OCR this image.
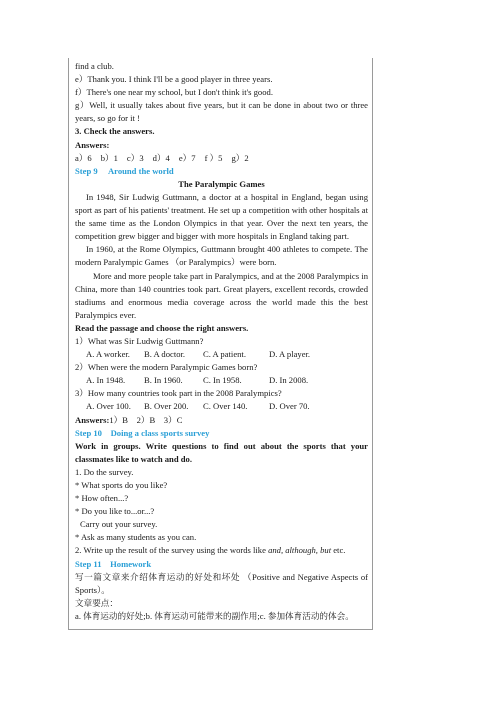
find a club.

e）Thank you. I think I'll be a good player in three years.

f）There's one near my school, but I don't think it's good.

g）Well, it usually takes about five years, but it can be done in about two or three years, so go for it !

3. Check the answers.

Answers:

a）6 b）1 c）3 d）4 e）7 f ）5 g）2

Step 9　 Around the world

The Paralympic Games

In 1948, Sir Ludwig Guttmann, a doctor at a hospital in England, began using sport as part of his patients' treatment. He set up a competition with other hospitals at the same time as the London Olympics in that year. Over the next ten years, the competition grew bigger and bigger with more hospitals in England taking part.

In 1960, at the Rome Olympics, Guttmann brought 400 athletes to compete. The modern Paralympic Games （or Paralympics）were born.

More and more people take part in Paralympics, and at the 2008 Paralympics in China, more than 140 countries took part. Great players, excellent records, crowded stadiums and enormous media coverage across the world made this the best Paralympics ever.

Read the passage and choose the right answers.

1）What was Sir Ludwig Guttmann?

A. A worker. B. A doctor. C. A patient.	D. A player.

2）When were the modern Paralympic Games born?

A. In 1948. B. In 1960. C. In 1958.	D. In 2008.

3）How many countries took part in the 2008 Paralympics?

A. Over 100. B. Over 200. C. Over 140.	D. Over 70.

Answers:1）B　2）B　3）C

Step 10　Doing a class sports survey

Work in groups. Write questions to find out about the sports that your classmates like to watch and do.

1. Do the survey.

* What sports do you like?

* How often...?

* Do you like to...or...?

Carry out your survey.

* Ask as many students as you can.

2. Write up the result of the survey using the words like and, although, but etc.

Step 11　Homework

写一篇文章来介绍体育运动的好处和坏处 （Positive and Negative Aspects of Sports）。

文章要点：

a. 体育运动的好处;b. 体育运动可能带来的副作用;c. 参加体育活动的体会。
